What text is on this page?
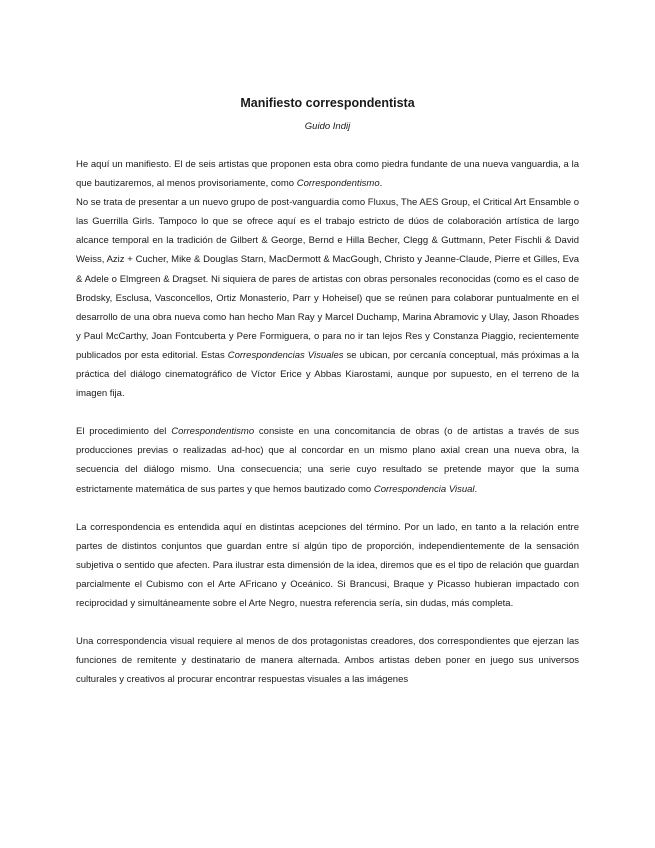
Manifiesto correspondentista

Guido Indij

He aquí un manifiesto. El de seis artistas que proponen esta obra como piedra fundante de una nueva vanguardia, a la que bautizaremos, al menos provisoriamente, como Correspondentismo.

No se trata de presentar a un nuevo grupo de post-vanguardia como Fluxus, The AES Group, el Critical Art Ensamble o las Guerrilla Girls. Tampoco lo que se ofrece aquí es el trabajo estricto de dúos de colaboración artística de largo alcance temporal en la tradición de Gilbert & George, Bernd e Hilla Becher, Clegg & Guttmann, Peter Fischli & David Weiss, Aziz + Cucher, Mike & Douglas Starn, MacDermott & MacGough, Christo y Jeanne-Claude, Pierre et Gilles, Eva & Adele o Elmgreen & Dragset. Ni siquiera de pares de artistas con obras personales reconocidas (como es el caso de Brodsky, Esclusa, Vasconcellos, Ortiz Monasterio, Parr y Hoheisel) que se reúnen para colaborar puntualmente en el desarrollo de una obra nueva como han hecho Man Ray y Marcel Duchamp, Marina Abramovic y Ulay, Jason Rhoades y Paul McCarthy, Joan Fontcuberta y Pere Formiguera, o para no ir tan lejos Res y Constanza Piaggio, recientemente publicados por esta editorial. Estas Correspondencias Visuales se ubican, por cercanía conceptual, más próximas a la práctica del diálogo cinematográfico de Víctor Erice y Abbas Kiarostami, aunque por supuesto, en el terreno de la imagen fija.

El procedimiento del Correspondentismo consiste en una concomitancia de obras (o de artistas a través de sus producciones previas o realizadas ad-hoc) que al concordar en un mismo plano axial crean una nueva obra, la secuencia del diálogo mismo. Una consecuencia; una serie cuyo resultado se pretende mayor que la suma estrictamente matemática de sus partes y que hemos bautizado como Correspondencia Visual.

La correspondencia es entendida aquí en distintas acepciones del término. Por un lado, en tanto a la relación entre partes de distintos conjuntos que guardan entre sí algún tipo de proporción, independientemente de la sensación subjetiva o sentido que afecten. Para ilustrar esta dimensión de la idea, diremos que es el tipo de relación que guardan parcialmente el Cubismo con el Arte AFricano y Oceánico. Si Brancusi, Braque y Picasso hubieran impactado con reciprocidad y simultáneamente sobre el Arte Negro, nuestra referencia sería, sin dudas, más completa.

Una correspondencia visual requiere al menos de dos protagonistas creadores, dos correspondientes que ejerzan las funciones de remitente y destinatario de manera alternada. Ambos artistas deben poner en juego sus universos culturales y creativos al procurar encontrar respuestas visuales a las imágenes
